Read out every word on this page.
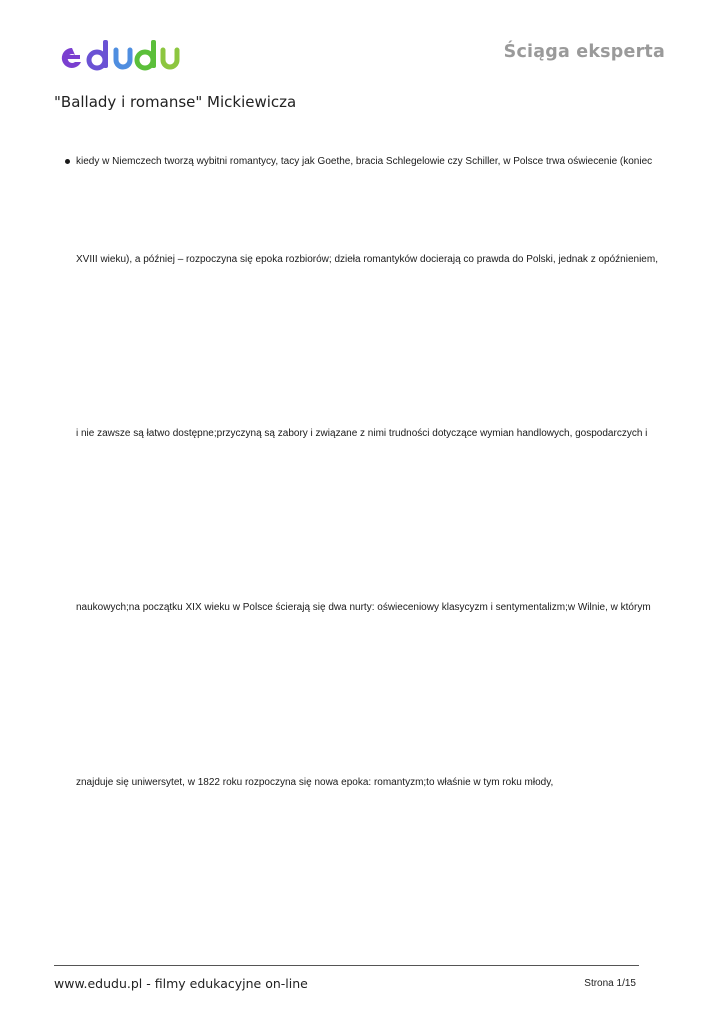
Ściąga eksperta
"Ballady i romanse" Mickiewicza
kiedy w Niemczech tworzą wybitni romantycy, tacy jak Goethe, bracia Schlegelowie czy Schiller, w Polsce trwa oświecenie (koniec
XVIII wieku), a później – rozpoczyna się epoka rozbiorów; dzieła romantyków docierają co prawda do Polski, jednak z opóźnieniem,
i nie zawsze są łatwo dostępne;przyczyną są zabory i związane z nimi trudności dotyczące wymian handlowych, gospodarczych i
naukowych;na początku XIX wieku w Polsce ścierają się dwa nurty: oświeceniowy klasycyzm i sentymentalizm;w Wilnie, w którym
znajduje się uniwersytet, w 1822 roku rozpoczyna się nowa epoka: romantyzm;to właśnie w tym roku młody,
www.edudu.pl - filmy edukacyjne on-line	Strona 1/15
